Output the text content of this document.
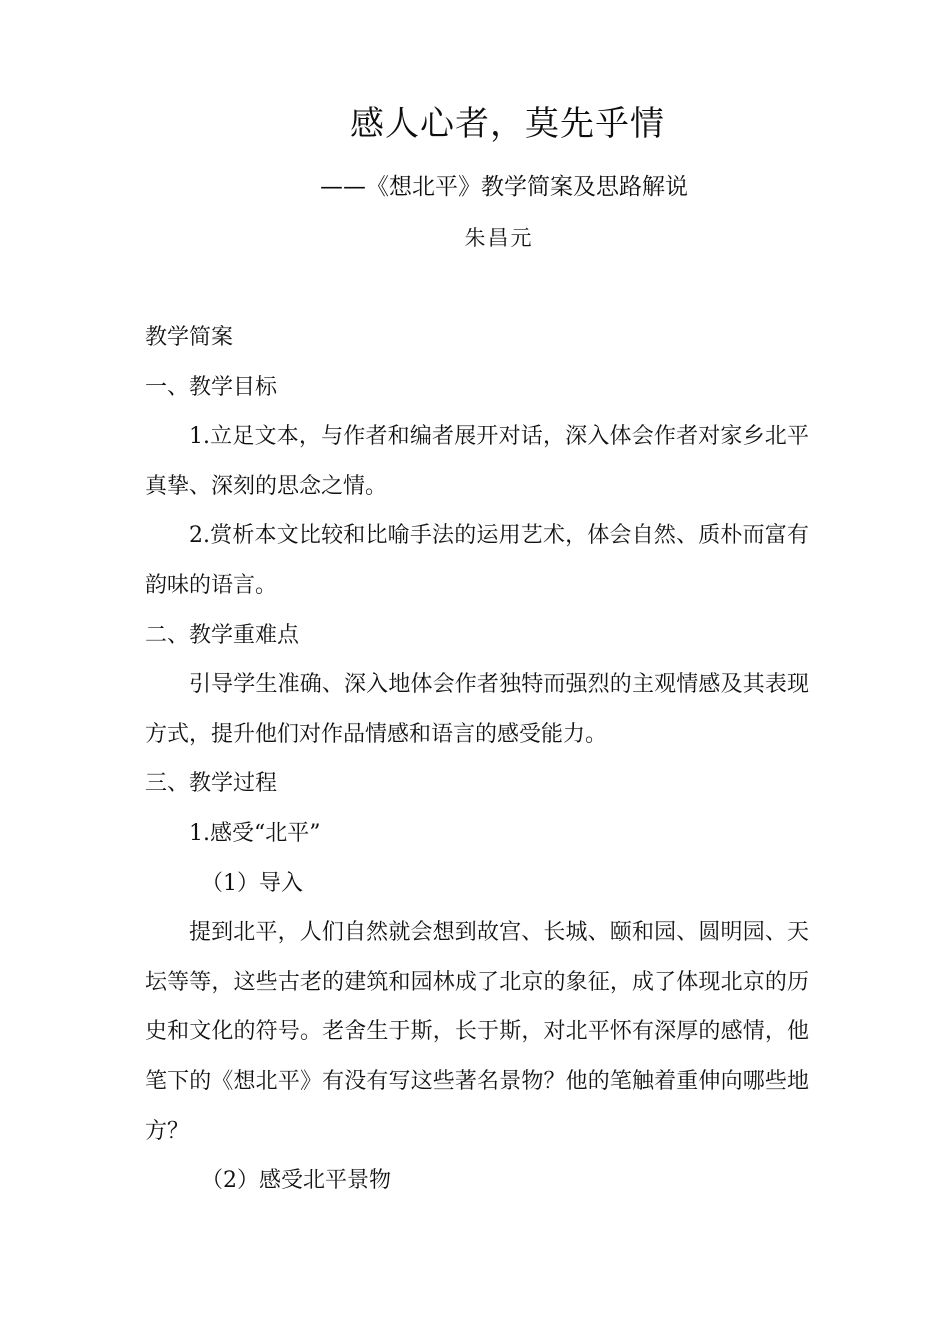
感人心者，莫先乎情
——《想北平》教学简案及思路解说
朱昌元

教学简案

一、教学目标

1.立足文本，与作者和编者展开对话，深入体会作者对家乡北平真挚、深刻的思念之情。

2.赏析本文比较和比喻手法的运用艺术，体会自然、质朴而富有韵味的语言。

二、教学重难点

引导学生准确、深入地体会作者独特而强烈的主观情感及其表现方式，提升他们对作品情感和语言的感受能力。

三、教学过程

1.感受“北平”

（1）导入

提到北平，人们自然就会想到故宫、长城、颐和园、圆明园、天坛等等，这些古老的建筑和园林成了北京的象征，成了体现北京的历史和文化的符号。老舍生于斯，长于斯，对北平怀有深厚的感情，他笔下的《想北平》有没有写这些著名景物？他的笔触着重伸向哪些地方？

（2）感受北平景物
